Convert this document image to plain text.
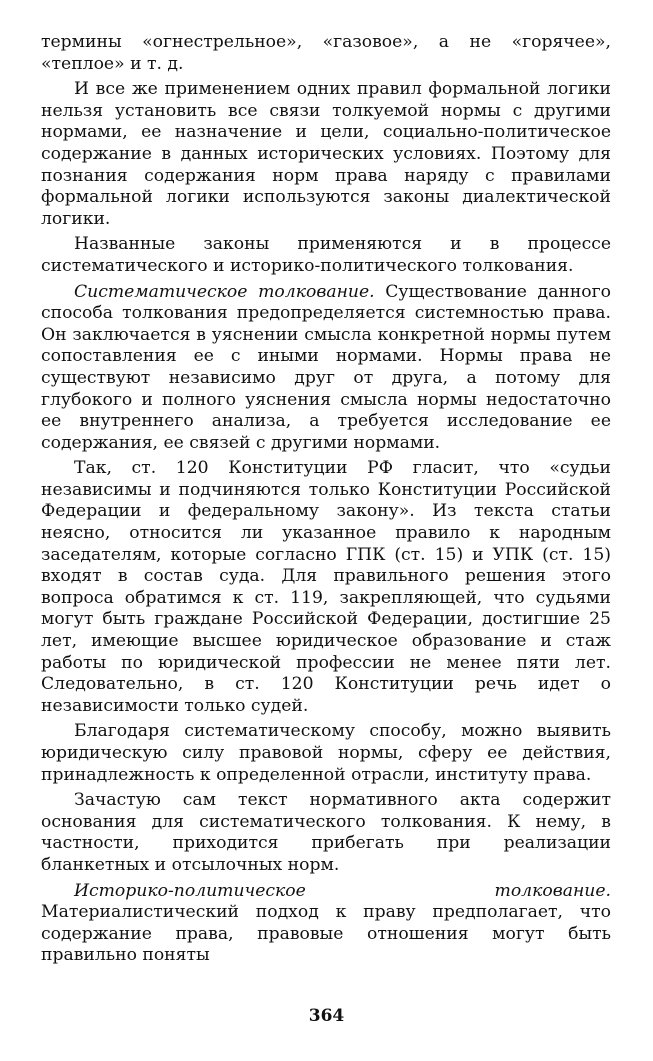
термины «огнестрельное», «газовое», а не «горячее», «теплое» и т. д.

И все же применением одних правил формальной логики нельзя установить все связи толкуемой нормы с другими нормами, ее назначение и цели, социально-политическое содержание в данных исторических условиях. Поэтому для познания содержания норм права наряду с правилами формальной логики используются законы диалектической логики.

Названные законы применяются и в процессе систематического и историко-политического толкования.

Систематическое толкование. Существование данного способа толкования предопределяется системностью права. Он заключается в уяснении смысла конкретной нормы путем сопоставления ее с иными нормами. Нормы права не существуют независимо друг от друга, а потому для глубокого и полного уяснения смысла нормы недостаточно ее внутреннего анализа, а требуется исследование ее содержания, ее связей с другими нормами.

Так, ст. 120 Конституции РФ гласит, что «судьи независимы и подчиняются только Конституции Российской Федерации и федеральному закону». Из текста статьи неясно, относится ли указанное правило к народным заседателям, которые согласно ГПК (ст. 15) и УПК (ст. 15) входят в состав суда. Для правильного решения этого вопроса обратимся к ст. 119, закрепляющей, что судьями могут быть граждане Российской Федерации, достигшие 25 лет, имеющие высшее юридическое образование и стаж работы по юридической профессии не менее пяти лет. Следовательно, в ст. 120 Конституции речь идет о независимости только судей.

Благодаря систематическому способу, можно выявить юридическую силу правовой нормы, сферу ее действия, принадлежность к определенной отрасли, институту права.

Зачастую сам текст нормативного акта содержит основания для систематического толкования. К нему, в частности, приходится прибегать при реализации бланкетных и отсылочных норм.

Историко-политическое толкование. Материалистический подход к праву предполагает, что содержание права, правовые отношения могут быть правильно поняты

364
